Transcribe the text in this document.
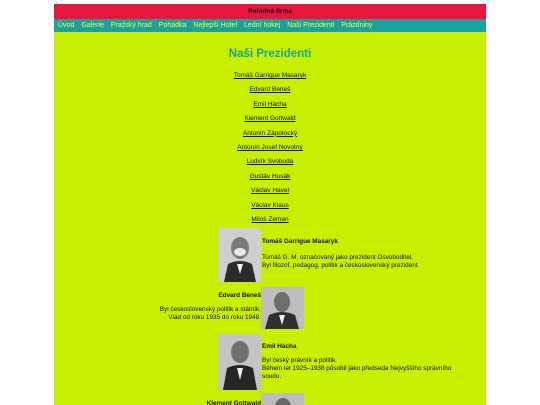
Pořádná firma
Úvod Galerie Pražský hrad Pohádka Nejlepší Hotel Lední hokej Naši Prezidenti Prázdniny
Naši Prezidenti
Tomáš Garrigue Masaryk
Edvard Beneš
Emil Hácha
Klement Gottwald
Antonín Zápotocký
Antonín Josef Novotný
Ludvík Svoboda
Gustáv Husák
Václav Havel
Václav Klaus
Miloš Zeman
Tomáš Garrigue Masaryk
Tomáš G. M. označovaný jako prezident Osvoboditel.
Byl filozof, pedagog, politik a československý prezident
Edvard Beneš
Byl československý politik a státník.
Vlád od roku 1935 do roku 1948.
Emil Hácha
Byl český právník a politik.
Během let 1925–1938 působil jako předseda Nejvyššího správního
soudu.
Klement Gottwald
